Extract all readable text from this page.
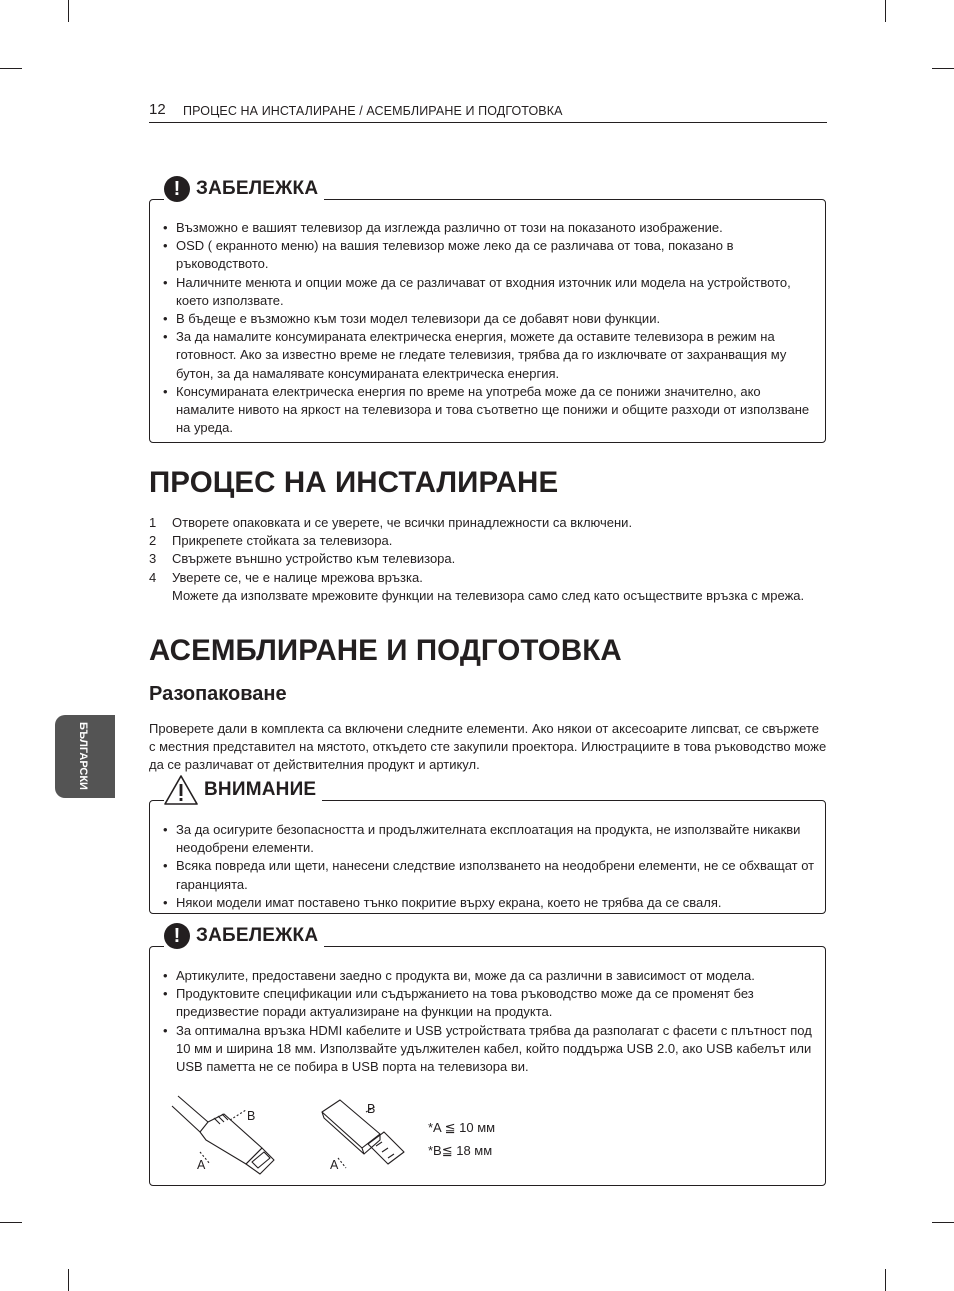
12 ПРОЦЕС НА ИНСТАЛИРАНЕ / АСЕМБЛИРАНЕ И ПОДГОТОВКА
БЪЛГАРСКИ
! ЗАБЕЛЕЖКА
• Възможно е вашият телевизор да изглежда различно от този на показаното изображение.
• OSD ( екранното меню) на вашия телевизор може леко да се различава от това, показано в ръководството.
• Наличните менюта и опции може да се различават от входния източник или модела на устройството, което използвате.
• В бъдеще е възможно към този модел телевизори да се добавят нови функции.
• За да намалите консумираната електрическа енергия, можете да оставите телевизора в режим на готовност. Ако за известно време не гледате телевизия, трябва да го изключвате от захранващия му бутон, за да намалявате консумираната електрическа енергия.
• Консумираната електрическа енергия по време на употреба може да се понижи значително, ако намалите нивото на яркост на телевизора и това съответно ще понижи и общите разходи от използване на уреда.
ПРОЦЕС НА ИНСТАЛИРАНЕ
1 Отворете опаковката и се уверете, че всички принадлежности са включени.
2 Прикрепете стойката за телевизора.
3 Свържете външно устройство към телевизора.
4 Уверете се, че е налице мрежова връзка.
Можете да използвате мрежовите функции на телевизора само след като осъществите връзка с мрежа.
АСЕМБЛИРАНЕ И ПОДГОТОВКА
Разопаковане
Проверете дали в комплекта са включени следните елементи. Ако някои от аксесоарите липсват, се свържете с местния представител на мястото, откъдето сте закупили проектора. Илюстрациите в това ръководство може да се различават от действителния продукт и артикул.
ВНИМАНИЕ
• За да осигурите безопасността и продължителната експлоатация на продукта, не използвайте никакви неодобрени елементи.
• Всяка повреда или щети, нанесени следствие използването на неодобрени елементи, не се обхващат от гаранцията.
• Някои модели имат поставено тънко покритие върху екрана, което не трябва да се сваля.
! ЗАБЕЛЕЖКА
• Артикулите, предоставени заедно с продукта ви, може да са различни в зависимост от модела.
• Продуктовите спецификации или съдържанието на това ръководство може да се променят без предизвестие поради актуализиране на функции на продукта.
• За оптимална връзка HDMI кабелите и USB устройствата трябва да разполагат с фасети с плътност под 10 мм и ширина 18 мм. Използвайте удължителен кабел, който поддържа USB 2.0, ако USB кабелът или USB паметта не се побира в USB порта на телевизора ви.
B
A
B
A
*A ≦ 10 мм
*B≦ 18 мм
